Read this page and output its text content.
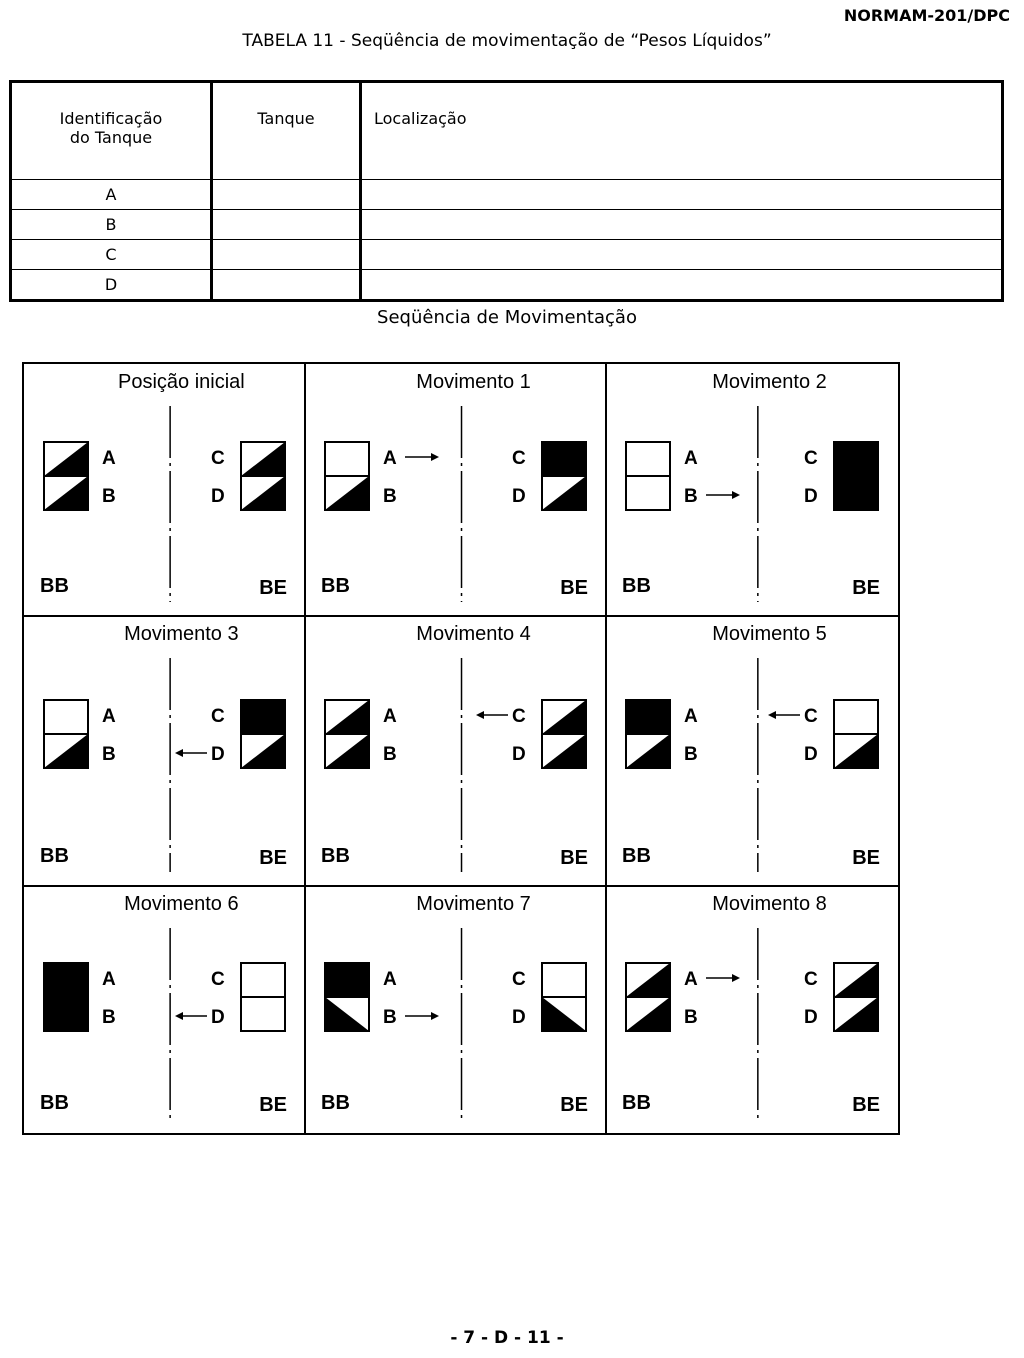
NORMAM-201/DPC
TABELA 11 - Seqüência de movimentação de “Pesos Líquidos”
Identificação
do Tanque	Tanque	Localização
A		
B		
C		
D		
Seqüência de Movimentação
Posição inicial
A
B
C
D
BB	BE
Movimento 1
A
B
C
D
BB	BE
Movimento 2
A
B
C
D
BB	BE
Movimento 3
A
B
C
D
BB	BE
Movimento 4
A
B
C
D
BB	BE
Movimento 5
A
B
C
D
BB	BE
Movimento 6
A
B
C
D
BB	BE
Movimento 7
A
B
C
D
BB	BE
Movimento 8
A
B
C
D
BB	BE
- 7 - D - 11 -
